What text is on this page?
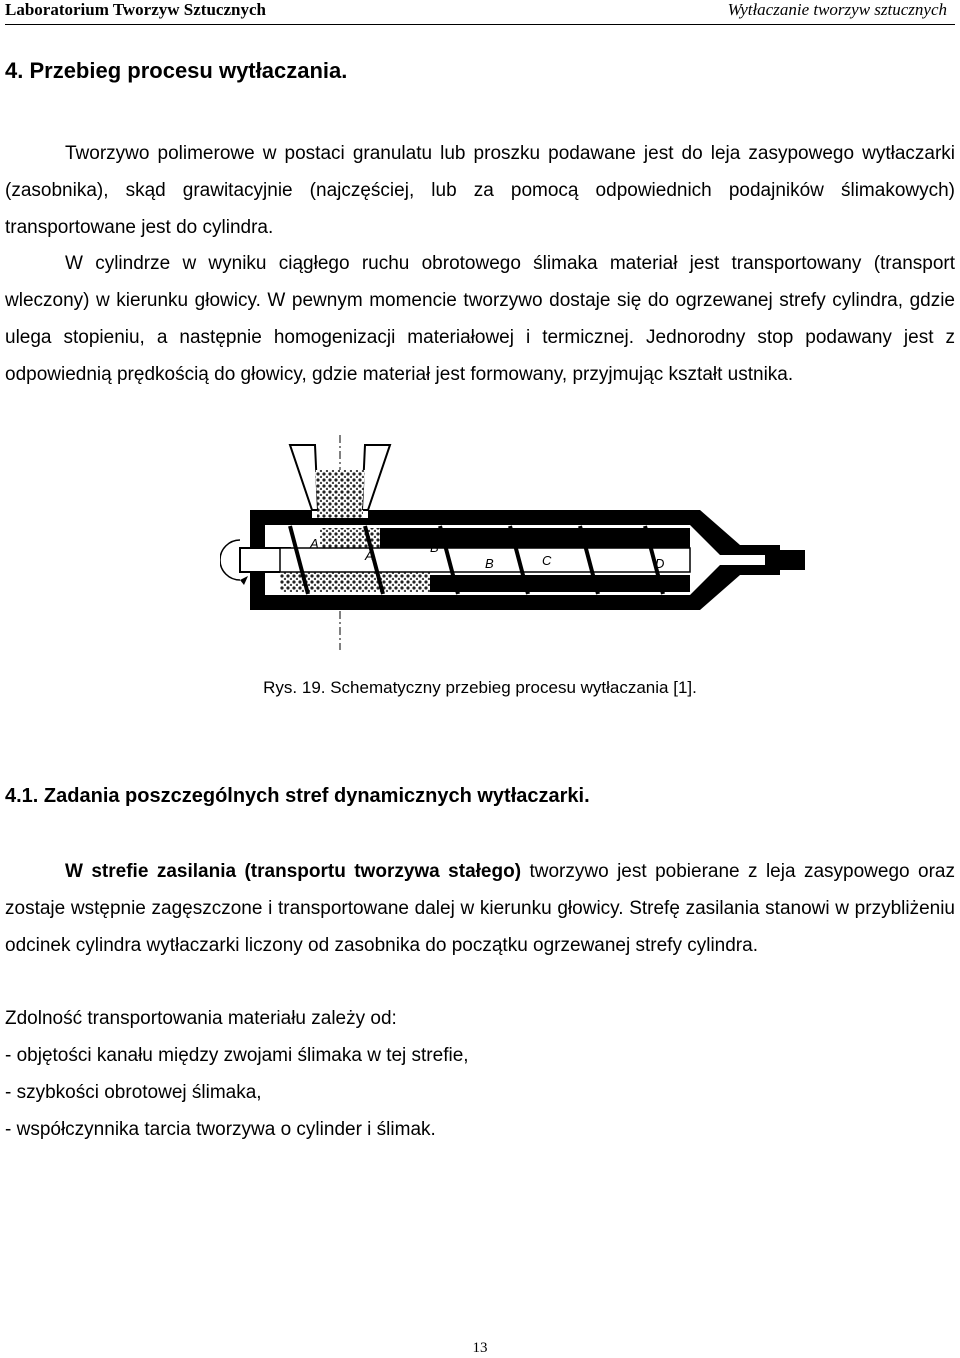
Laboratorium Tworzyw Sztucznych	Wytłaczanie tworzyw sztucznych
4. Przebieg procesu wytłaczania.

Tworzywo polimerowe w postaci granulatu lub proszku podawane jest do leja zasypowego wytłaczarki (zasobnika), skąd grawitacyjnie (najczęściej, lub za pomocą odpowiednich podajników ślimakowych) transportowane jest do cylindra.

W cylindrze w wyniku ciągłego ruchu obrotowego ślimaka materiał jest transportowany (transport wleczony) w kierunku głowicy. W pewnym momencie tworzywo dostaje się do ogrzewanej strefy cylindra, gdzie ulega stopieniu, a następnie homogenizacji materiałowej i termicznej. Jednorodny stop podawany jest z odpowiednią prędkością do głowicy, gdzie materiał jest formowany, przyjmując kształt ustnika.

A
A
B
C
B	C
D
D
Rys. 19. Schematyczny przebieg procesu wytłaczania [1].
4.1. Zadania poszczególnych stref dynamicznych wytłaczarki.

W strefie zasilania (transportu tworzywa stałego) tworzywo jest pobierane z leja zasypowego oraz zostaje wstępnie zagęszczone i transportowane dalej w kierunku głowicy. Strefę zasilania stanowi w przybliżeniu odcinek cylindra wytłaczarki liczony od zasobnika do początku ogrzewanej strefy cylindra.

Zdolność transportowania materiału zależy od:

- objętości kanału między zwojami ślimaka w tej strefie,

- szybkości obrotowej ślimaka,

- współczynnika tarcia tworzywa o cylinder i ślimak.

13
